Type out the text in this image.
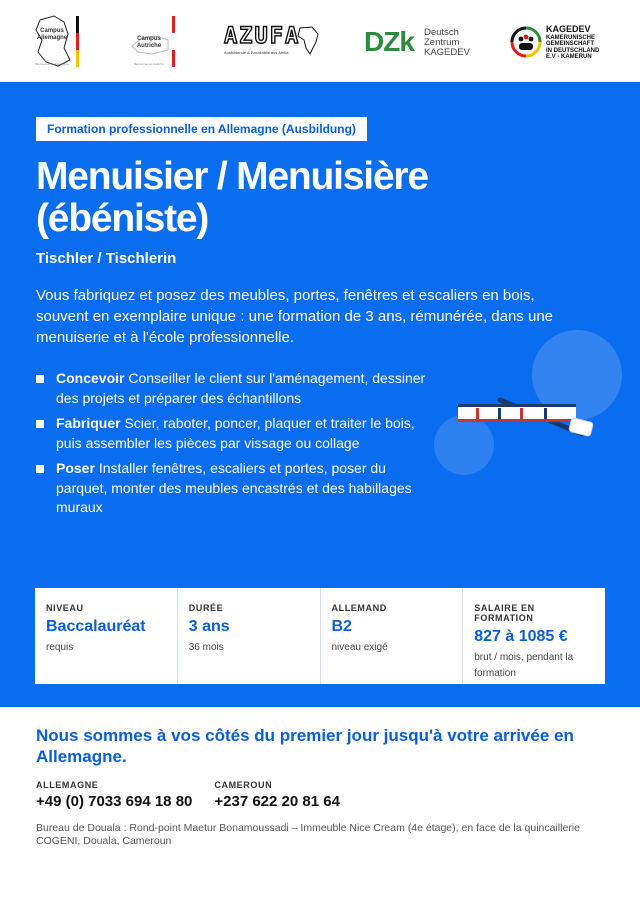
Campus Allemagne
Bienvenue en Allemagne
Campus Autriche
Bienvenue en Autriche
AZUFA
Ausbildende & Fachkräfte aus Afrika	DZk Deutsch
Zentrum
KAGEDEV
KAGEDEV
KAMERUNISCHE
GEMEINSCHAFT
IN DEUTSCHLAND
E.V - KAMERUN
Formation professionnelle en Allemagne (Ausbildung)
Menuisier / Menuisière
(ébéniste)
Tischler / Tischlerin

Vous fabriquez et posez des meubles, portes, fenêtres et escaliers en bois, souvent en exemplaire unique : une formation de 3 ans, rémunérée, dans une menuiserie et à l'école professionnelle.

Concevoir Conseiller le client sur l'aménagement, dessiner des projets et préparer des échantillons
Fabriquer Scier, raboter, poncer, plaquer et traiter le bois, puis assembler les pièces par vissage ou collage
Poser Installer fenêtres, escaliers et portes, poser du parquet, monter des meubles encastrés et des habillages muraux
NIVEAU
Baccalauréat
requis
DURÉE
3 ans
36 mois
ALLEMAND
B2
niveau exigé
SALAIRE EN FORMATION
827 à 1085 €
brut / mois, pendant la formation
Nous sommes à vos côtés du premier jour jusqu'à votre arrivée en Allemagne.
ALLEMAGNE
+49 (0) 7033 694 18 80
CAMEROUN
+237 622 20 81 64

Bureau de Douala : Rond-point Maetur Bonamoussadi – Immeuble Nice Cream (4e étage), en face de la quincaillerie COGENI, Douala, Cameroun
